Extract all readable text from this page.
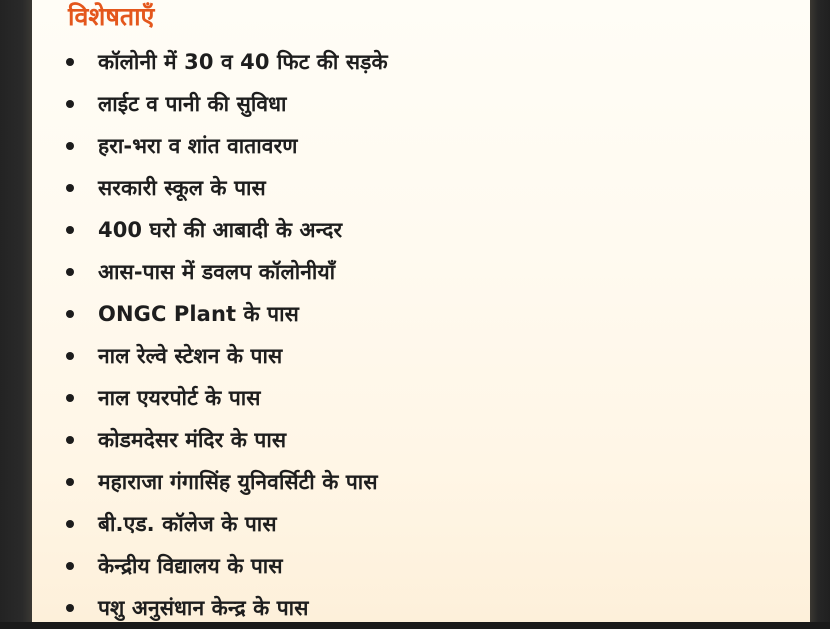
विशेषताएँ
कॉलोनी में 30 व 40 फिट की सड़के
लाईट व पानी की सुविधा
हरा-भरा व शांत वातावरण
सरकारी स्कूल के पास
400 घरो की आबादी के अन्दर
आस-पास में डवलप कॉलोनीयाँ
ONGC Plant के पास
नाल रेल्वे स्टेशन के पास
नाल एयरपोर्ट के पास
कोडमदेसर मंदिर के पास
महाराजा गंगासिंह युनिवर्सिटी के पास
बी.एड. कॉलेज के पास
केन्द्रीय विद्यालय के पास
पशु अनुसंधान केन्द्र के पास
